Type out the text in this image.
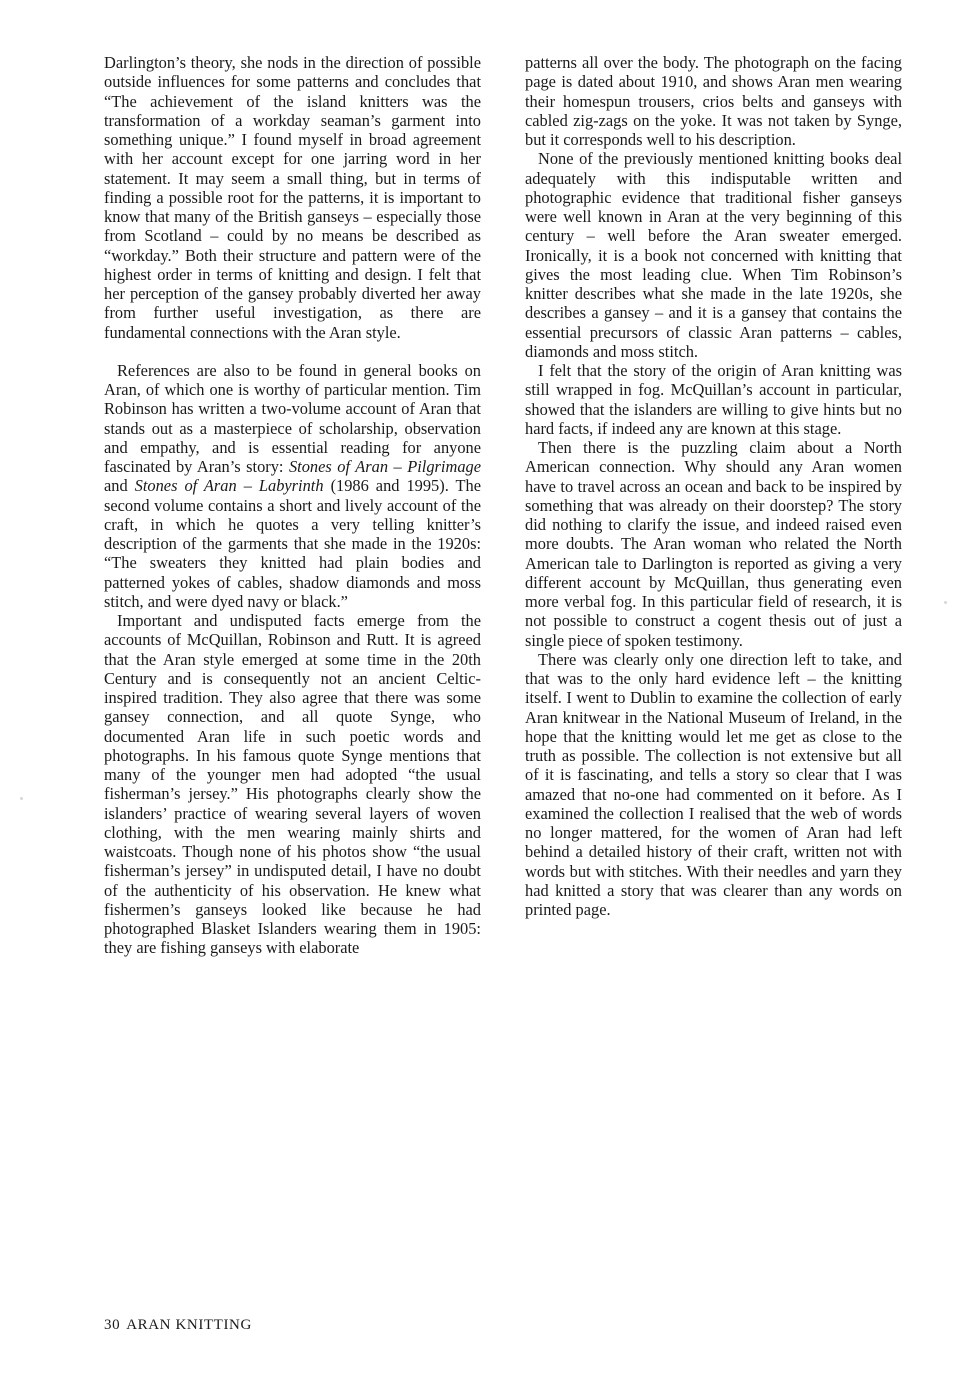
Darlington’s theory, she nods in the direction of possible outside influences for some patterns and concludes that “The achievement of the island knitters was the transformation of a workday seaman’s garment into something unique.” I found myself in broad agreement with her account except for one jarring word in her statement. It may seem a small thing, but in terms of finding a possible root for the patterns, it is important to know that many of the British ganseys – especially those from Scotland – could by no means be described as “workday.” Both their structure and pattern were of the highest order in terms of knitting and design. I felt that her perception of the gansey probably diverted her away from further useful investigation, as there are fundamental connections with the Aran style.

References are also to be found in general books on Aran, of which one is worthy of particular mention. Tim Robinson has written a two-volume account of Aran that stands out as a masterpiece of scholarship, observation and empathy, and is essential reading for anyone fascinated by Aran’s story: Stones of Aran – Pilgrimage and Stones of Aran – Labyrinth (1986 and 1995). The second volume contains a short and lively account of the craft, in which he quotes a very telling knitter’s description of the garments that she made in the 1920s: “The sweaters they knitted had plain bodies and patterned yokes of cables, shadow diamonds and moss stitch, and were dyed navy or black.”

Important and undisputed facts emerge from the accounts of McQuillan, Robinson and Rutt. It is agreed that the Aran style emerged at some time in the 20th Century and is consequently not an ancient Celtic-inspired tradition. They also agree that there was some gansey connection, and all quote Synge, who documented Aran life in such poetic words and photographs. In his famous quote Synge mentions that many of the younger men had adopted “the usual fisherman’s jersey.” His photographs clearly show the islanders’ practice of wearing several layers of woven clothing, with the men wearing mainly shirts and waistcoats. Though none of his photos show “the usual fisherman’s jersey” in undisputed detail, I have no doubt of the authenticity of his observation. He knew what fishermen’s ganseys looked like because he had photographed Blasket Islanders wearing them in 1905: they are fishing ganseys with elaborate

patterns all over the body. The photograph on the facing page is dated about 1910, and shows Aran men wearing their homespun trousers, crios belts and ganseys with cabled zig-zags on the yoke. It was not taken by Synge, but it corresponds well to his description.

None of the previously mentioned knitting books deal adequately with this indisputable written and photographic evidence that traditional fisher ganseys were well known in Aran at the very beginning of this century – well before the Aran sweater emerged. Ironically, it is a book not concerned with knitting that gives the most leading clue. When Tim Robinson’s knitter describes what she made in the late 1920s, she describes a gansey – and it is a gansey that contains the essential precursors of classic Aran patterns – cables, diamonds and moss stitch.

I felt that the story of the origin of Aran knitting was still wrapped in fog. McQuillan’s account in particular, showed that the islanders are willing to give hints but no hard facts, if indeed any are known at this stage.

Then there is the puzzling claim about a North American connection. Why should any Aran women have to travel across an ocean and back to be inspired by something that was already on their doorstep? The story did nothing to clarify the issue, and indeed raised even more doubts. The Aran woman who related the North American tale to Darlington is reported as giving a very different account by McQuillan, thus generating even more verbal fog. In this particular field of research, it is not possible to construct a cogent thesis out of just a single piece of spoken testimony.

There was clearly only one direction left to take, and that was to the only hard evidence left – the knitting itself. I went to Dublin to examine the collection of early Aran knitwear in the National Museum of Ireland, in the hope that the knitting would let me get as close to the truth as possible. The collection is not extensive but all of it is fascinating, and tells a story so clear that I was amazed that no-one had commented on it before. As I examined the collection I realised that the web of words no longer mattered, for the women of Aran had left behind a detailed history of their craft, written not with words but with stitches. With their needles and yarn they had knitted a story that was clearer than any words on printed page.

30 ARAN KNITTING
